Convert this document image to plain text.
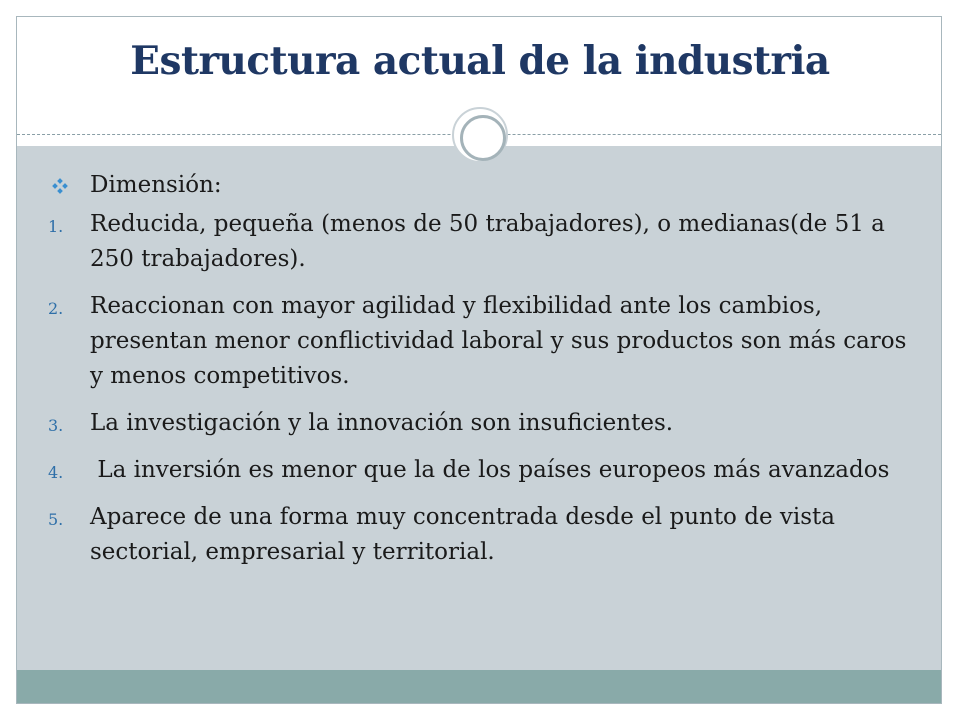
Estructura actual de la industria
Dimensión:
1. Reducida, pequeña (menos de 50 trabajadores), o medianas(de 51 a 250 trabajadores).
2. Reaccionan con mayor agilidad y flexibilidad ante los cambios, presentan menor conflictividad laboral y sus productos son más caros y menos competitivos.
3. La investigación y la innovación son insuficientes.
4. La inversión es menor que la de los países europeos más avanzados
5. Aparece de una forma muy concentrada desde el punto de vista sectorial, empresarial y territorial.
